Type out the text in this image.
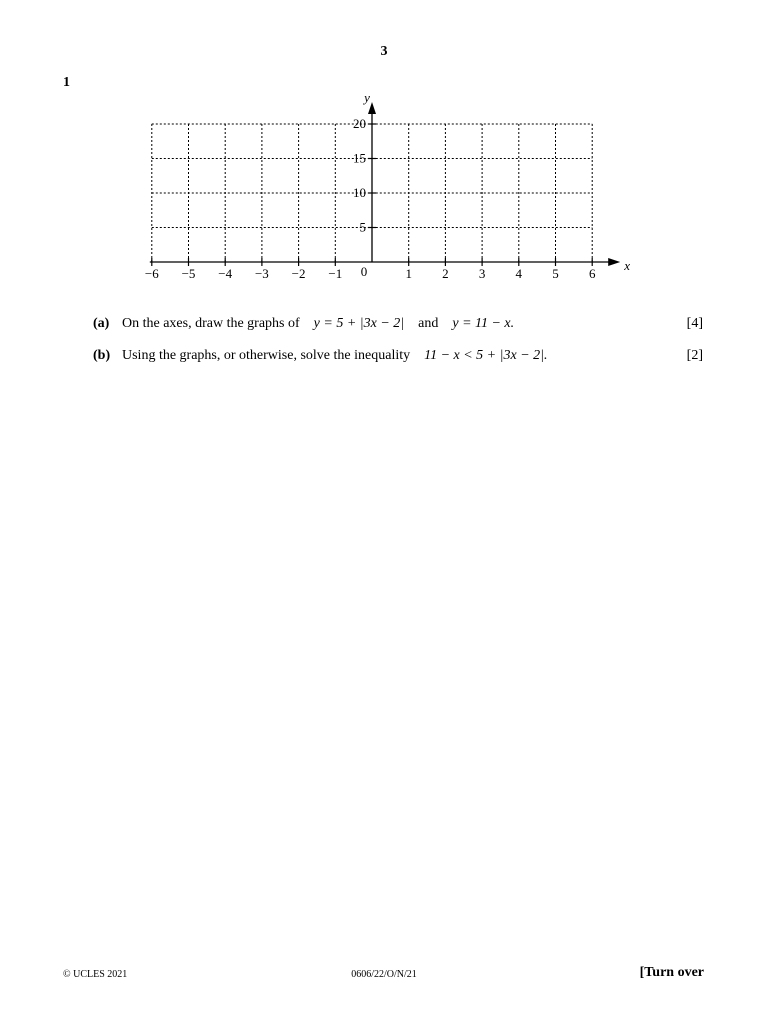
3
1
−6 −5 −4 −3 −2 −1	1 2 3 4 5 6
5
10
15
20
0	x
y
(a) On the axes, draw the graphs of y = 5 + |3x − 2| and y = 11 − x.	[4]
(b) Using the graphs, or otherwise, solve the inequality 11 − x < 5 + |3x − 2|.	[2]
© UCLES 2021	0606/22/O/N/21	[Turn over
